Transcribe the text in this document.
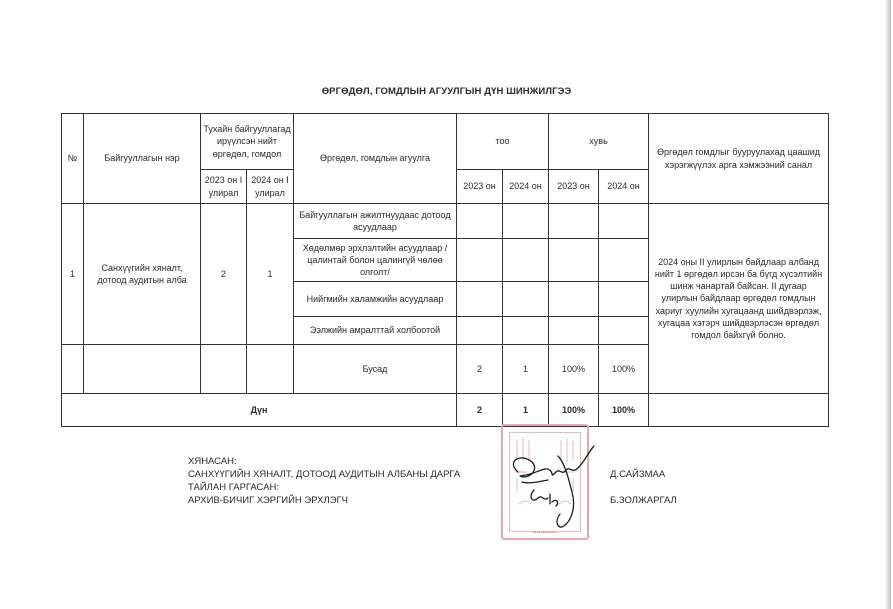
ӨРГӨДӨЛ, ГОМДЛЫН АГУУЛГЫН ДҮН ШИНЖИЛГЭЭ
№	Байгууллагын нэр	Тухайн байгууллагад ирүүлсэн нийт өргөдөл, гомдол		Өргөдөл, гомдлын агуулга	тоо		хувь		Өргөдөл гомдлыг бууруулахад цаашид хэрэгжүүлэх арга хэмжээний санал
		2023 он I улирал	2024 он I улирал		2023 он	2024 он	2023 он	2024 он	
1	Санхүүгийн хяналт, дотоод аудитын алба	2	1	Байгууллагын ажилтнуудаас дотоод асуудлаар					2024 оны II улирлын байдлаар албанд нийт 1 өргөдөл ирсэн ба бүгд хүсэлтийн шинж чанартай байсан. II дугаар улирлын байдлаар өргөдөл гомдлын хариуг хуулийн хугацаанд шийдвэрлэж, хугацаа хэтэрч шийдвэрлэсэн өргөдөл гомдол байхгүй болно.
				Хөдөлмөр эрхлэлтийн асуудлаар /цалинтай болон цалингүй чөлөө олголт/					
				Нийгмийн халамжийн асуудлаар					
				Ээлжийн амралттай холбоотой					
				Бусад	2	1	100%	100%	
Дүн					2	1	100%	100%	
▪▪▪▪▪▪▪▪▪▪▪▪
ХЯНАСАН:
САНХҮҮГИЙН ХЯНАЛТ, ДОТООД АУДИТЫН АЛБАНЫ ДАРГА	Д.САЙЗМАА
ТАЙЛАН ГАРГАСАН:
АРХИВ-БИЧИГ ХЭРГИЙН ЭРХЛЭГЧ	Б.ЗОЛЖАРГАЛ
